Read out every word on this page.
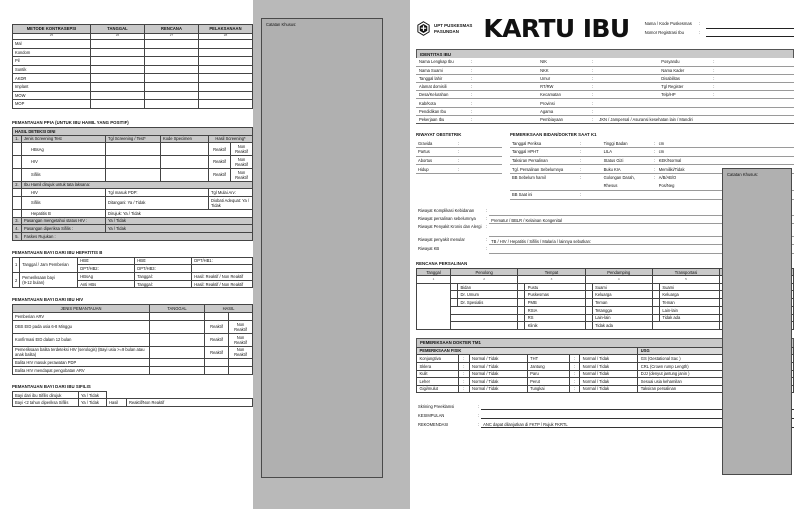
METODE KONTRASEPSI	TANGGAL	RENCANA	PELAKSANAAN
25	26	27	28
Mal			
Kondom			
Pil			
Suntik			
AKDR			
Implant			
MOW			
MOP			
PEMANTAUAN PPIA (UNTUK IBU HAMIL YANG POSITIF)
HASIL DETEKSI DINI					
1.	Jenis Screening Test	Tgl Screening / Test*	Kode Specimen	Hasil Screening*	
	HBsAg			Reaktif	Non Reaktif
	HIV			Reaktif	Non Reaktif
	Sifilis			Reaktif	Non Reaktif
2.	Ibu Hamil dirujuk untuk tata laksana:				
	HIV	Tgl masuk PDP:		Tgl Mulai Arv:	
	Sifilis	Ditangani: Ya / Tidak		Diobati Adequat: Ya / Tidak	
	Hepatitis B	Dirujuk: Ya / Tidak			
3.	Pasangan mengetahui status HIV :	Ya / Tidak			
4.	Pasangan diperiksa Sifilis :	Ya / Tidak			
5.	Faskes Rujukan :				
PEMANTAUAN BAYI DARI IBU HEPATITIS B
1	Tanggal / Jam Pemberian	HB0:	HB0:	DPT/HB1:
		DPT/HB2:	DPT/HB3:	
2	Pemeriksaan bayi
(9-12 bulan)	HBsAg	Tanggal:	Hasil: Reaktif / Non Reaktif
		Anti HBs	Tanggal:	Hasil: Reaktif / Non Reaktif
PEMANTAUAN BAYI DARI IBU HIV
JENIS PEMANTAUAN	TANGGAL	HASIL	
Pemberian ARV			
DBS EID pada usia 6-8 Minggu		Reaktif	Non Reaktif
Konfirmasi EID dalam 12 bulan		Reaktif	Non Reaktif
Pemeriksaan balita terdeteksi HIV (serologis) (Bayi usia >=9 bulan atau anak balita)		Reaktif	Non Reaktif
Balita HIV masuk perawatan PDP			
Balita HIV mendapat pengobatan ARV			
PEMANTAUAN BAYI DARI IBU SIFILIS
Bayi dari ibu Sifilis dirujuk	Ya / Tidak		
Bayi <2 tahun diperiksa Sifilis	Ya / Tidak	Hasil	Reaktif/Non Reaktif
Catatan Khusus:	UPT PUSKESMAS
PASUNDAN KARTU IBU	Nama / Kode Puskesmas	:
Nomor Registrasi Ibu	:
IDENTITAS IBU
Nama Lengkap Ibu	:		NIK	:		Posyandu	:	
Nama Suami	:		NKK	:		Nama Kader	:	
Tanggal lahir	:		Umur	:		Disabilitas	:	
Alamat domisili	:		RT/RW	:		Tgl Register	:	
Desa/Kelurahan	:		Kecamatan	:		Telp/HP	:	
Kab/Kota	:		Provinsi	:				
Pendidikan Ibu	:		Agama	:				
Pekerjaan Ibu	:		Pembiayaan	:	JKN / Jampersal / Asuransi kesehatan lain / Mandiri			
RIWAYAT OBSTETRIK
Gravida	:
Partus	:
Abortus	:
Hidup	:
PEMERIKSAAN BIDAN/DOKTER SAAT K1
Tanggal Periksa	:		Tinggi Badan	:	cm
Tanggal HPHT	:		LILA	:	cm
Taksiran Persalinan	:		Status Gizi	:	KEK/Normal
Tgl. Persalinan Sebelumnya	:		Buku KIA	:	Memiliki/Tidak
BB Sebelum hamil	:		Golongan Darah,	:	A/B/AB/O
			Rhesus		Pos/Neg
BB Saat ini	:				
Riwayat Komplikasi Kebidanan	:	
Riwayat persalinan sebelumnya	:	Prematur / BBLR / Kelainan Kongenital
Riwayat Penyakit Kronis dan Alergi	:	
Riwayat penyakit menular	:	TB / HIV / Hepatitis / Sifilis / Malaria / lainnya sebutkan:
Riwayat KB	:	
RENCANA PERSALINAN
Tanggal	Penolong		Tempat		Pendamping		Transportasi	
1	2		3		4		5	
		Bidan		Pustu		Suami		Suami		
		Dr. Umum		Puskesmas		Keluarga		Keluarga		
		Dr. Spesialis		PMB		Teman		Teman		
				RSIA		Tetangga		Lain-lain		
				RS		Lain-lain		Tidak ada		
				Klinik		Tidak ada				
PEMERIKSAAN DOKTER TM1
PEMERIKSAAN FISIK						USG		
Konjungtiva	:	Normal / Tidak	THT	:	Normal / Tidak	GS (Gestational Sac )		
Sklera	:	Normal / Tidak	Jantung	:	Normal / Tidak	CRL (Crown rump Length)		
Kulit	:	Normal / Tidak	Paru	:	Normal / Tidak	DJJ (denyut jantung janin )		
Leher	:	Normal / Tidak	Perut	:	Normal / Tidak	Sesuai usia kehamilan		
Gigi/mulut	:	Normal / Tidak	Tungkai	:	Normal / Tidak	Taksiran persalinan		
Skrining Preeklamsi	:	
KESIMPULAN	:	
REKOMENDASI	:	ANC dapat dilanjutkan di FKTP / Rujuk FKRTL
Catatan Khusus:
